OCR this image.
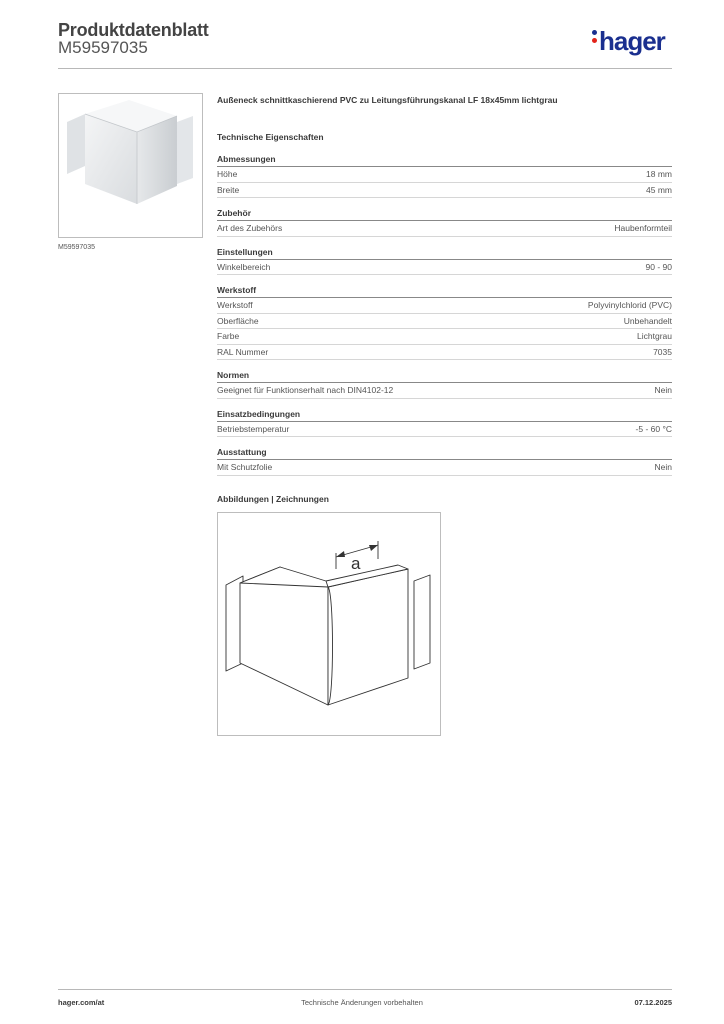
Produktdatenblatt
M59597035	hager
M59597035
Außeneck schnittkaschierend PVC zu Leitungsführungskanal LF 18x45mm lichtgrau
Technische Eigenschaften
Abmessungen
Höhe	18 mm
Breite	45 mm
Zubehör
Art des Zubehörs	Haubenformteil
Einstellungen
Winkelbereich	90 - 90
Werkstoff
Werkstoff	Polyvinylchlorid (PVC)
Oberfläche	Unbehandelt
Farbe	Lichtgrau
RAL Nummer	7035
Normen
Geeignet für Funktionserhalt nach DIN4102-12	Nein
Einsatzbedingungen
Betriebstemperatur	-5 - 60 °C
Ausstattung
Mit Schutzfolie	Nein
Abbildungen | Zeichnungen
a
hager.com/at	Technische Änderungen vorbehalten	07.12.2025
